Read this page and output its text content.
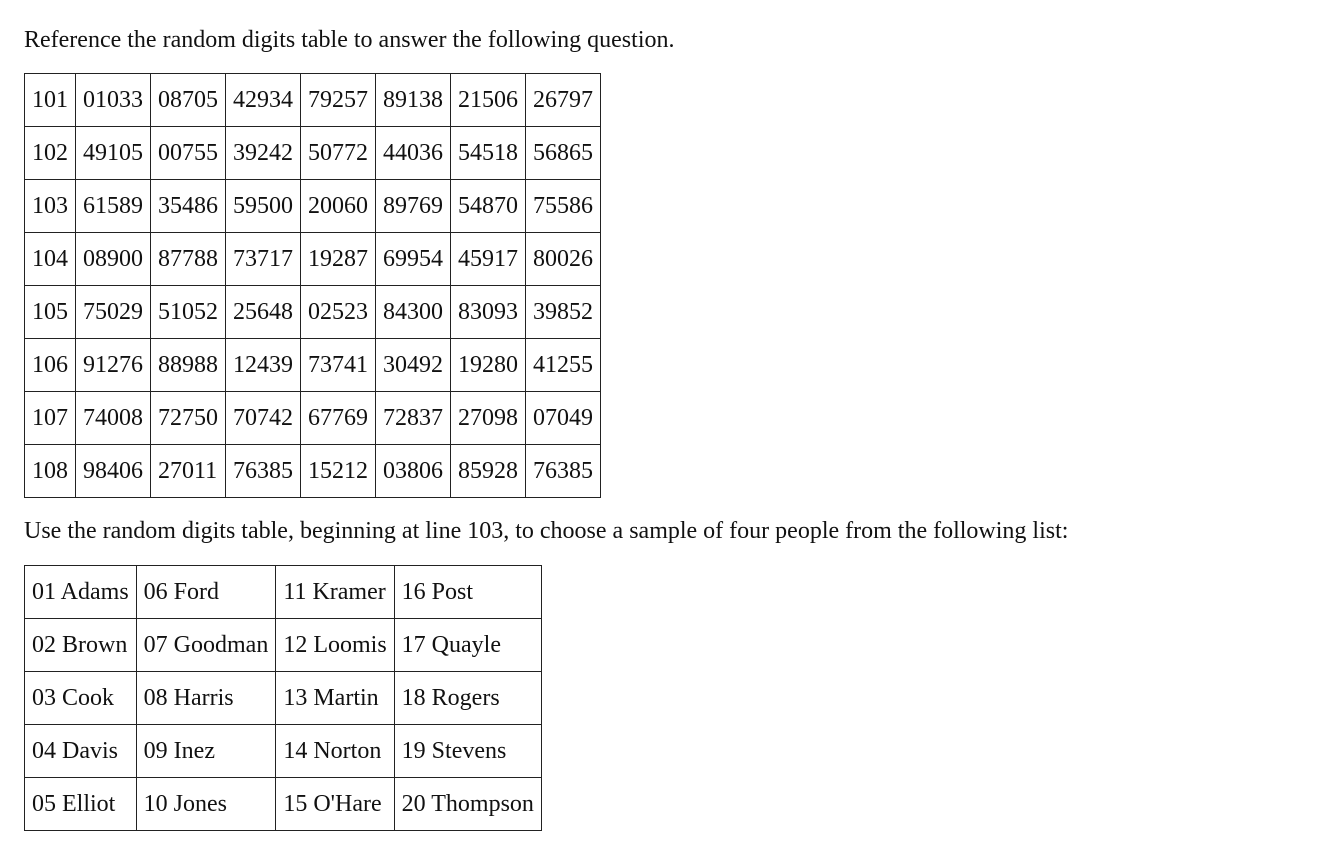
Reference the random digits table to answer the following question.

101	01033	08705	42934	79257	89138	21506	26797
102	49105	00755	39242	50772	44036	54518	56865
103	61589	35486	59500	20060	89769	54870	75586
104	08900	87788	73717	19287	69954	45917	80026
105	75029	51052	25648	02523	84300	83093	39852
106	91276	88988	12439	73741	30492	19280	41255
107	74008	72750	70742	67769	72837	27098	07049
108	98406	27011	76385	15212	03806	85928	76385

Use the random digits table, beginning at line 103, to choose a sample of four people from the following list:

01 Adams	06 Ford	11 Kramer	16 Post
02 Brown	07 Goodman	12 Loomis	17 Quayle
03 Cook	08 Harris	13 Martin	18 Rogers
04 Davis	09 Inez	14 Norton	19 Stevens
05 Elliot	10 Jones	15 O'Hare	20 Thompson
